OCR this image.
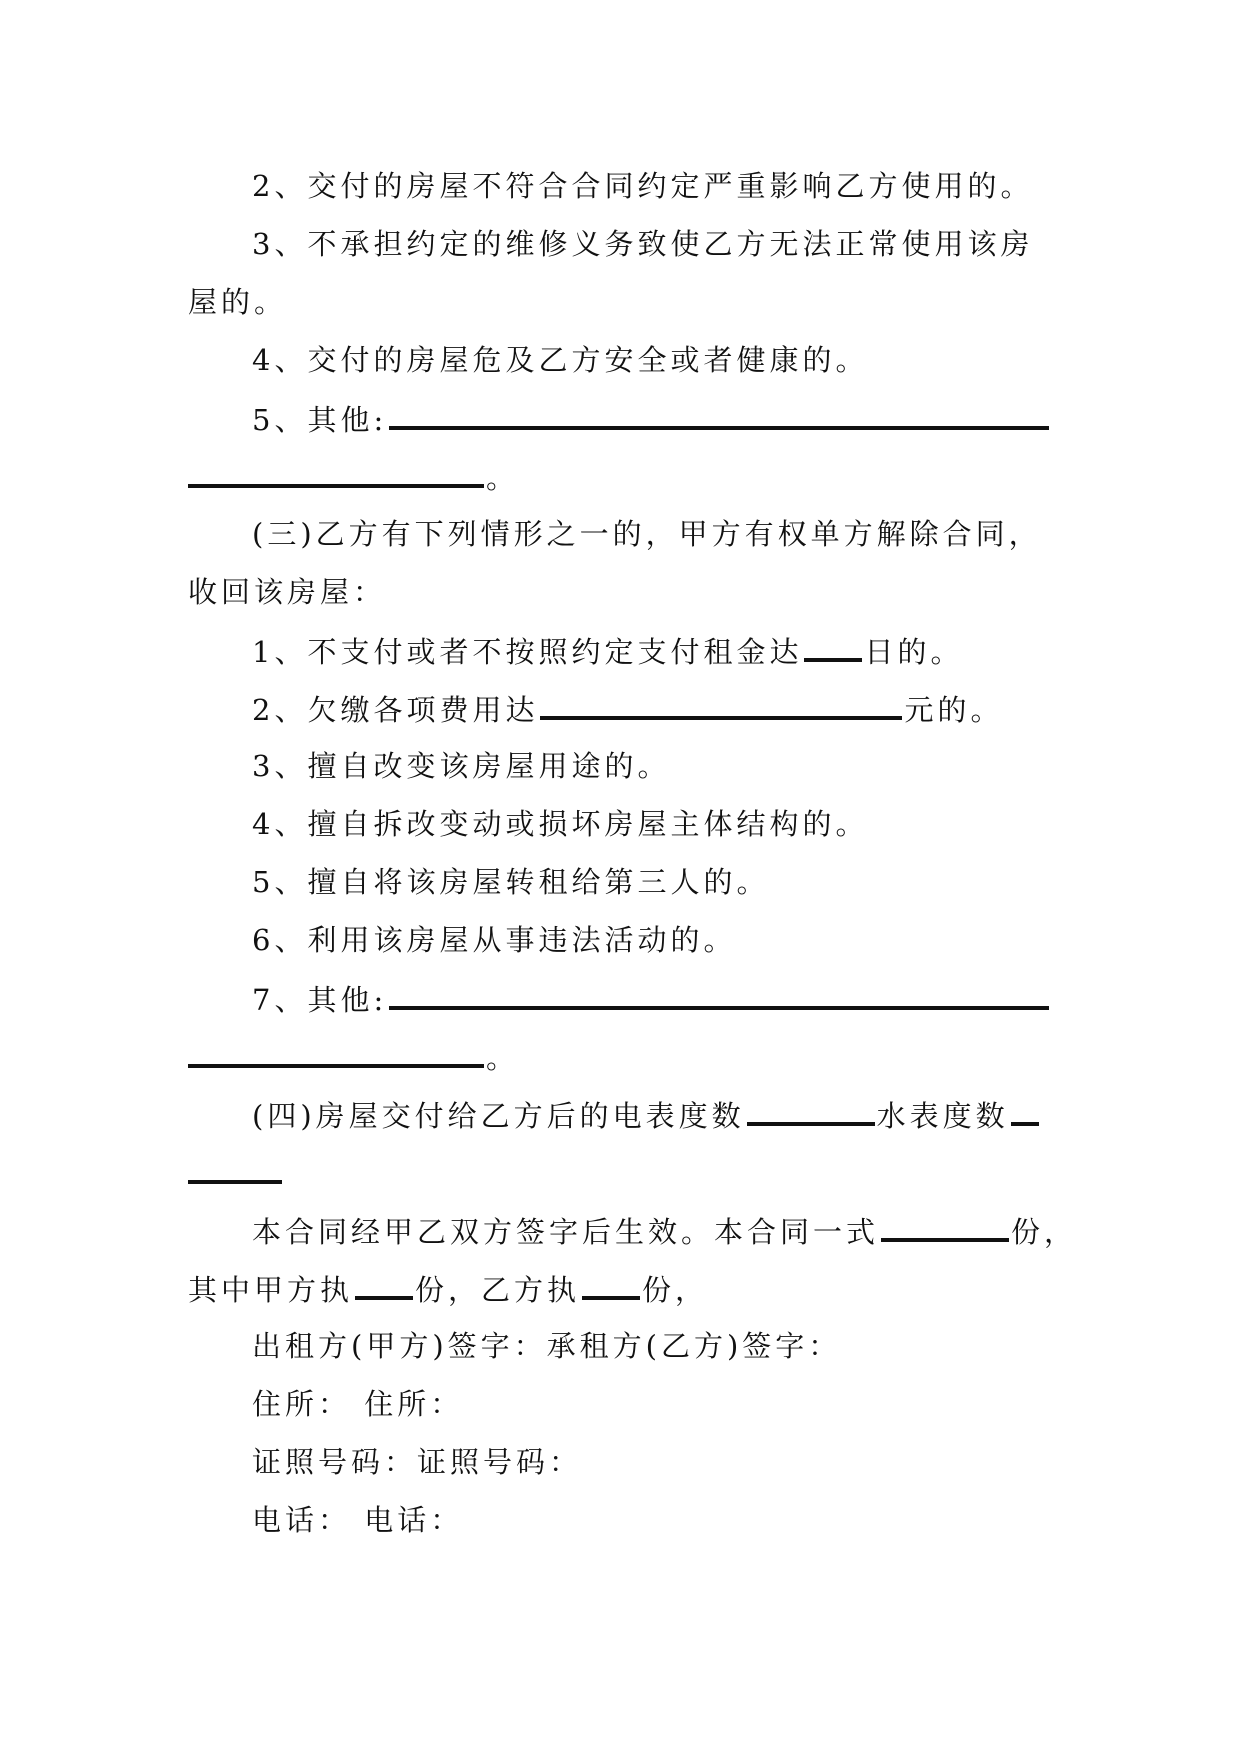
2、交付的房屋不符合合同约定严重影响乙方使用的。
3、不承担约定的维修义务致使乙方无法正常使用该房
屋的。
4、交付的房屋危及乙方安全或者健康的。
5、其他:
。
(三)乙方有下列情形之一的，甲方有权单方解除合同，
收回该房屋：
1、不支付或者不按照约定支付租金达 日的。
2、欠缴各项费用达	元的。
3、擅自改变该房屋用途的。
4、擅自拆改变动或损坏房屋主体结构的。
5、擅自将该房屋转租给第三人的。
6、利用该房屋从事违法活动的。
7、其他:
。
(四)房屋交付给乙方后的电表度数	水表度数
本合同经甲乙双方签字后生效。本合同一式	份，
其中甲方执 份，乙方执 份，
出租方(甲方)签字：承租方(乙方)签字：
住所： 住所：
证照号码：证照号码：
电话： 电话：
